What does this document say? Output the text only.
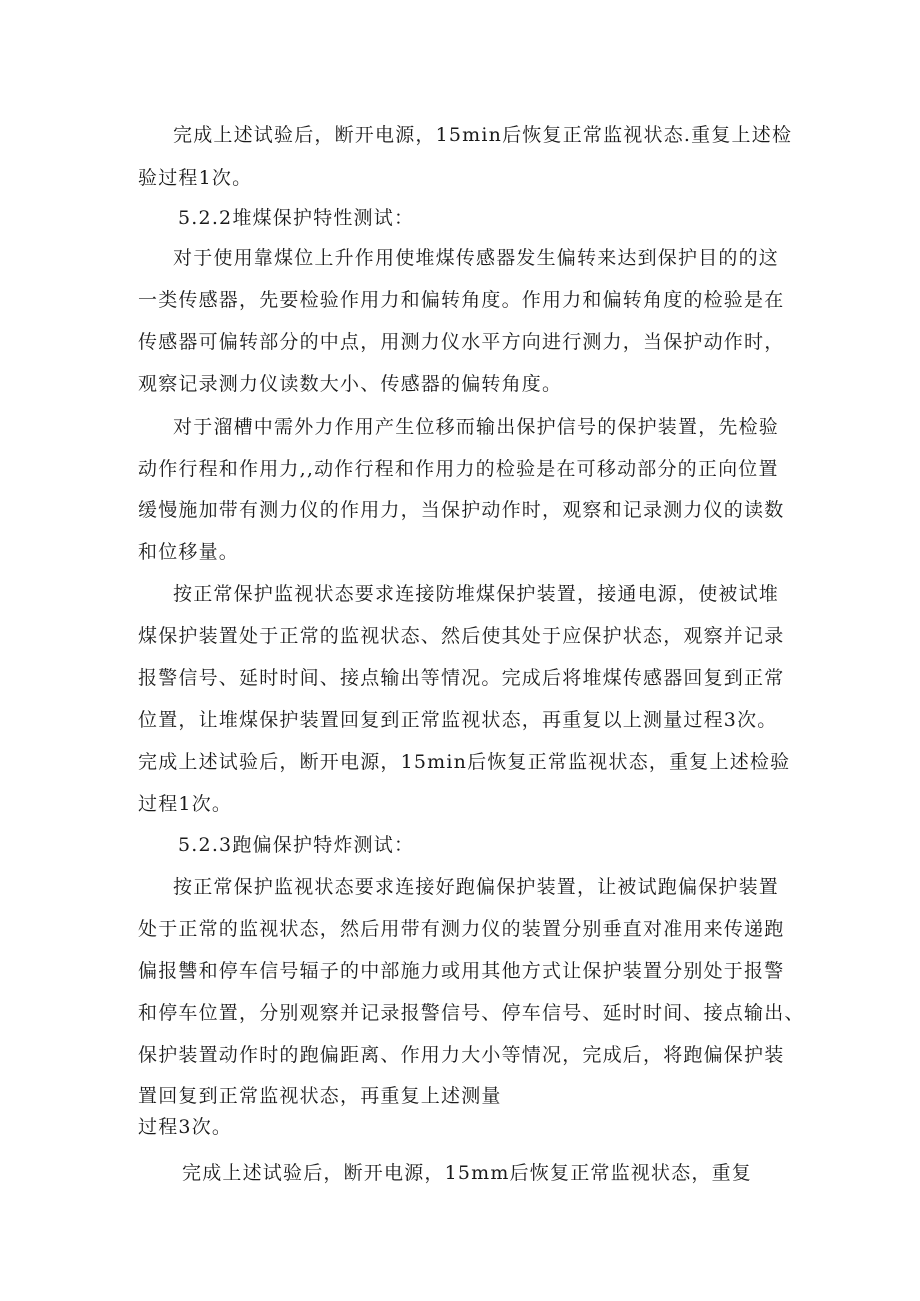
完成上述试验后，断开电源，15min后恢复正常监视状态.重复上述检
验过程1次。
5.2.2堆煤保护特性测试：
对于使用靠煤位上升作用使堆煤传感器发生偏转来达到保护目的的这
一类传感器，先要检验作用力和偏转角度。作用力和偏转角度的检验是在
传感器可偏转部分的中点，用测力仪水平方向进行测力，当保护动作时，
观察记录测力仪读数大小、传感器的偏转角度。
对于溜槽中需外力作用产生位移而输出保护信号的保护装置，先检验
动作行程和作用力,,动作行程和作用力的检验是在可移动部分的正向位置
缓慢施加带有测力仪的作用力，当保护动作时，观察和记录测力仪的读数
和位移量。
按正常保护监视状态要求连接防堆煤保护装置，接通电源，使被试堆
煤保护装置处于正常的监视状态、然后使其处于应保护状态，观察并记录
报警信号、延时时间、接点输出等情况。完成后将堆煤传感器回复到正常
位置，让堆煤保护装置回复到正常监视状态，再重复以上测量过程3次。
完成上述试验后，断开电源，15min后恢复正常监视状态，重复上述检验
过程1次。
5.2.3跑偏保护特炸测试：
按正常保护监视状态要求连接好跑偏保护装置，让被试跑偏保护装置
处于正常的监视状态，然后用带有测力仪的装置分别垂直对准用来传递跑
偏报讐和停车信号辐子的中部施力或用其他方式让保护装置分别处于报警
和停车位置，分别观察并记录报警信号、停车信号、延时时间、接点输出、
保护装置动作时的跑偏距离、作用力大小等情况，完成后，将跑偏保护装
置回复到正常监视状态，再重复上述测量
过程3次。
完成上述试验后，断开电源，15mm后恢复正常监视状态，重复
